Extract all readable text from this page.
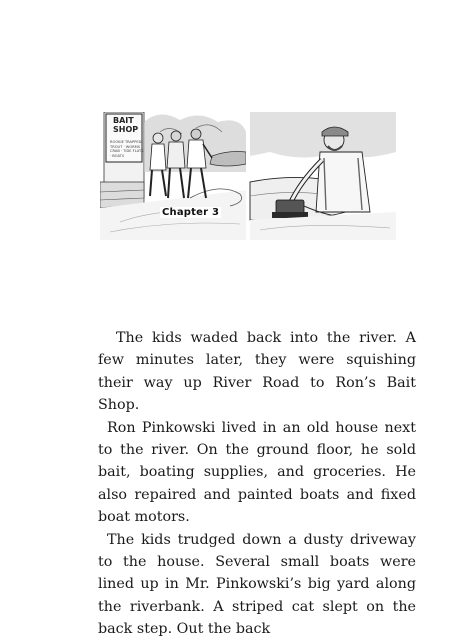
Chapter 3
BAIT SHOP
ROOKIE TRAPPED TROUT · WORMS · CRAB · TIDE FLATS · BOATS

The kids waded back into the river. A few minutes later, they were squishing their way up River Road to Ron’s Bait Shop.

Ron Pinkowski lived in an old house next to the river. On the ground floor, he sold bait, boating supplies, and groceries. He also repaired and painted boats and fixed boat motors.

The kids trudged down a dusty driveway to the house. Several small boats were lined up in Mr. Pinkowski’s big yard along the riverbank. A striped cat slept on the back step. Out the back
